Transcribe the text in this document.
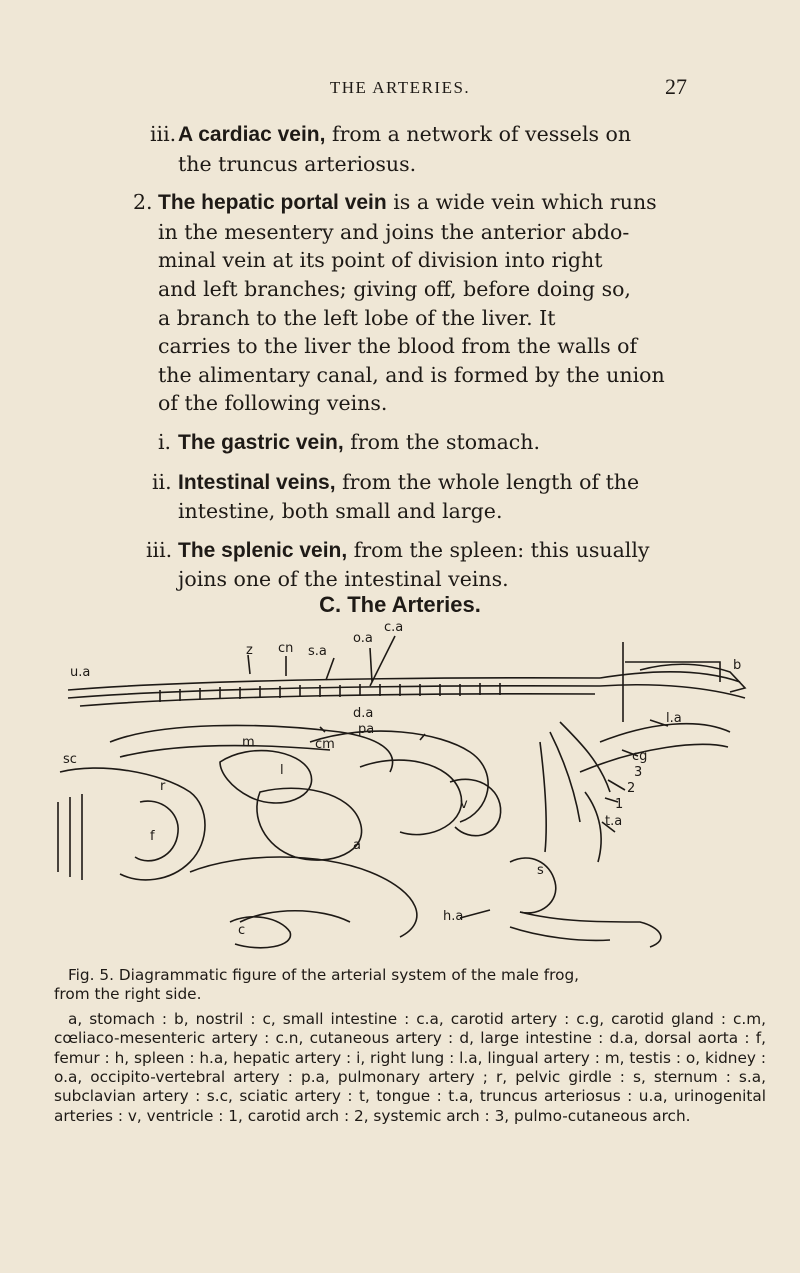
THE ARTERIES.	27
iii. A cardiac vein, from a network of vessels on
the truncus arteriosus.
2. The hepatic portal vein is a wide vein which runs
in the mesentery and joins the anterior abdo-
minal vein at its point of division into right
and left branches; giving off, before doing so,
a branch to the left lobe of the liver. It
carries to the liver the blood from the walls of
the alimentary canal, and is formed by the union
of the following veins.
i. The gastric vein, from the stomach.
ii. Intestinal veins, from the whole length of the
intestine, both small and large.
iii. The splenic vein, from the spleen: this usually
joins one of the intestinal veins.
C. The Arteries.
z cn s.a
o.a
c.a
u.a	b
d.a
pa
cm
m
l.a
cg
sc
r
l
2
3
1
v
t.a
f
a
s
h.a
c

Fig. 5. Diagrammatic figure of the arterial system of the male frog,

from the right side.

a, stomach : b, nostril : c, small intestine : c.a, carotid artery : c.g, carotid gland : c.m, cœliaco-mesenteric artery : c.n, cutaneous artery : d, large intestine : d.a, dorsal aorta : f, femur : h, spleen : h.a, hepatic artery : i, right lung : l.a, lingual artery : m, testis : o, kidney : o.a, occipito-vertebral artery : p.a, pulmonary artery ; r, pelvic girdle : s, sternum : s.a, subclavian artery : s.c, sciatic artery : t, tongue : t.a, truncus arteriosus : u.a, urinogenital arteries : v, ventricle : 1, carotid arch : 2, systemic arch : 3, pulmo-cutaneous arch.
